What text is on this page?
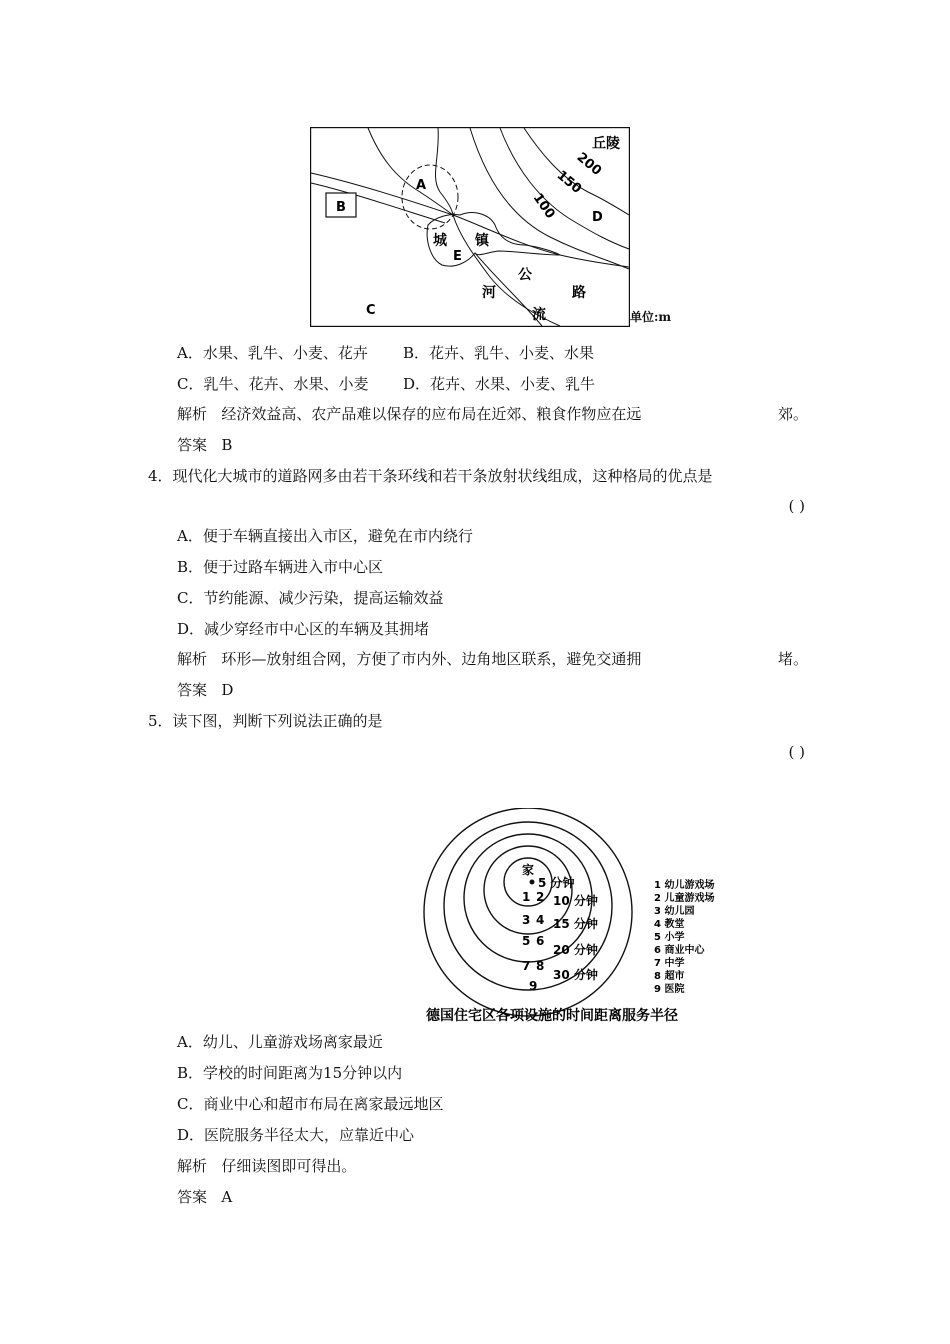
丘陵
200
150
100
A
B
C
D
E
城 镇
河
流
公
路
单位:m
A．水果、乳牛、小麦、花卉 B．花卉、乳牛、小麦、水果
C．乳牛、花卉、水果、小麦 D．花卉、水果、小麦、乳牛
解析 经济效益高、农产品难以保存的应布局在近郊、粮食作物应在远	郊。
答案 B
4．现代化大城市的道路网多由若干条环线和若干条放射状线组成，这种格局的优点是
( )
A．便于车辆直接出入市区，避免在市内绕行
B．便于过路车辆进入市中心区
C．节约能源、减少污染，提高运输效益
D．减少穿经市中心区的车辆及其拥堵
解析 环形—放射组合网，方便了市内外、边角地区联系，避免交通拥	堵。
答案 D
5．读下图，判断下列说法正确的是
( )
家
5 分钟
10 分钟
15 分钟
20 分钟
30 分钟
1 2
3 4
5 6
7 8
9
1 幼儿游戏场
2 儿童游戏场
3 幼儿园
4 教堂
5 小学
6 商业中心
7 中学
8 超市
9 医院
德国住宅区各项设施的时间距离服务半径
A．幼儿、儿童游戏场离家最近
B．学校的时间距离为15分钟以内
C．商业中心和超市布局在离家最远地区
D．医院服务半径太大，应靠近中心
解析 仔细读图即可得出。
答案 A
